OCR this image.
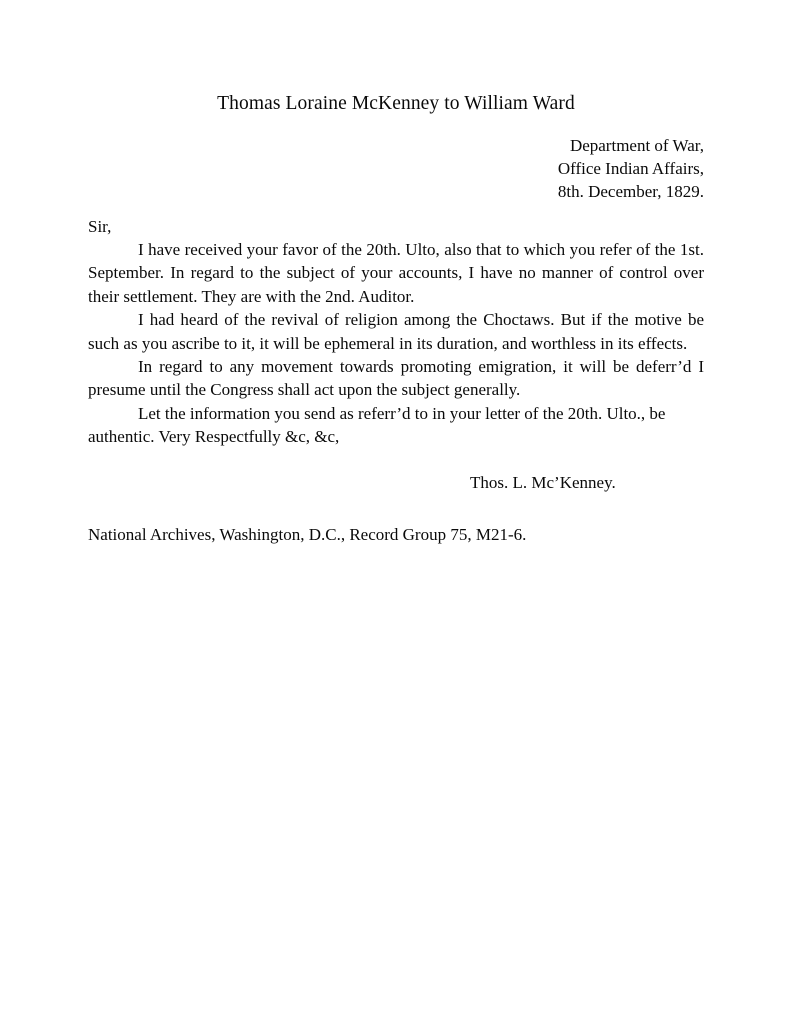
Thomas Loraine McKenney to William Ward
Department of War,
Office Indian Affairs,
8th. December, 1829.
Sir,

I have received your favor of the 20th. Ulto, also that to which you refer of the 1st. September. In regard to the subject of your accounts, I have no manner of control over their settlement. They are with the 2nd. Auditor.

I had heard of the revival of religion among the Choctaws. But if the motive be such as you ascribe to it, it will be ephemeral in its duration, and worthless in its effects.

In regard to any movement towards promoting emigration, it will be deferr’d I presume until the Congress shall act upon the subject generally.

Let the information you send as referr’d to in your letter of the 20th. Ulto., be authentic. Very Respectfully &c, &c,

Thos. L. Mc’Kenney.
National Archives, Washington, D.C., Record Group 75, M21-6.
